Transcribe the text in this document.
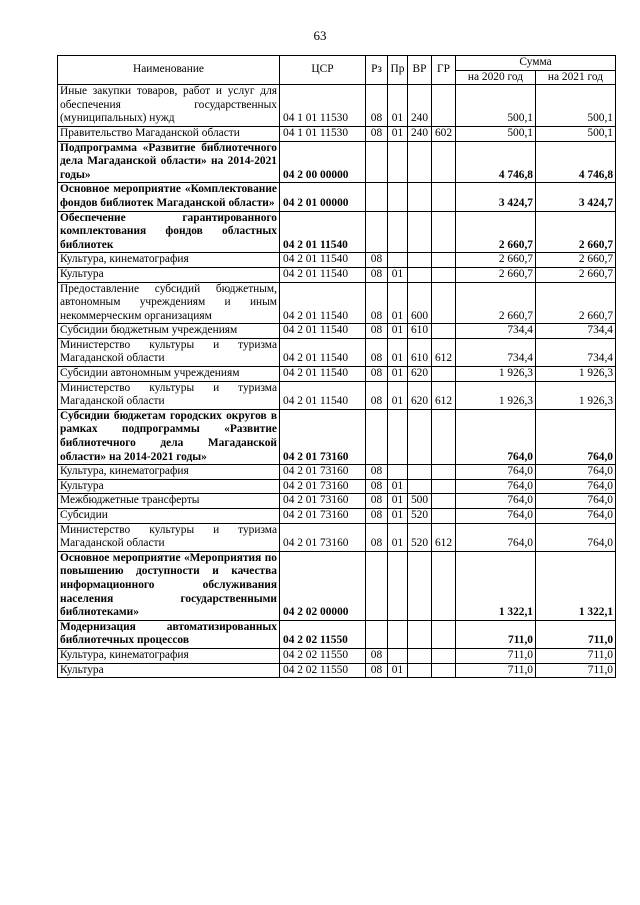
63
Наименование	ЦСР	Рз	Пр	ВР	ГР	Сумма	
						на 2020 год	на 2021 год
Иные закупки товаров, работ и услуг для обеспечения государственных (муниципальных) нужд	04 1 01 11530	08	01	240		500,1	500,1
Правительство Магаданской области	04 1 01 11530	08	01	240	602	500,1	500,1
Подпрограмма «Развитие библиотечного дела Магаданской области» на 2014-2021 годы»	04 2 00 00000					4 746,8	4 746,8
Основное мероприятие «Комплектование фондов библиотек Магаданской области»	04 2 01 00000					3 424,7	3 424,7
Обеспечение гарантированного комплектования фондов областных библиотек	04 2 01 11540					2 660,7	2 660,7
Культура, кинематография	04 2 01 11540	08				2 660,7	2 660,7
Культура	04 2 01 11540	08	01			2 660,7	2 660,7
Предоставление субсидий бюджетным, автономным учреждениям и иным некоммерческим организациям	04 2 01 11540	08	01	600		2 660,7	2 660,7
Субсидии бюджетным учреждениям	04 2 01 11540	08	01	610		734,4	734,4
Министерство культуры и туризма Магаданской области	04 2 01 11540	08	01	610	612	734,4	734,4
Субсидии автономным учреждениям	04 2 01 11540	08	01	620		1 926,3	1 926,3
Министерство культуры и туризма Магаданской области	04 2 01 11540	08	01	620	612	1 926,3	1 926,3
Субсидии бюджетам городских округов в рамках подпрограммы «Развитие библиотечного дела Магаданской области» на 2014-2021 годы»	04 2 01 73160					764,0	764,0
Культура, кинематография	04 2 01 73160	08				764,0	764,0
Культура	04 2 01 73160	08	01			764,0	764,0
Межбюджетные трансферты	04 2 01 73160	08	01	500		764,0	764,0
Субсидии	04 2 01 73160	08	01	520		764,0	764,0
Министерство культуры и туризма Магаданской области	04 2 01 73160	08	01	520	612	764,0	764,0
Основное мероприятие «Мероприятия по повышению доступности и качества информационного обслуживания населения государственными библиотеками»	04 2 02 00000					1 322,1	1 322,1
Модернизация автоматизированных библиотечных процессов	04 2 02 11550					711,0	711,0
Культура, кинематография	04 2 02 11550	08				711,0	711,0
Культура	04 2 02 11550	08	01			711,0	711,0
